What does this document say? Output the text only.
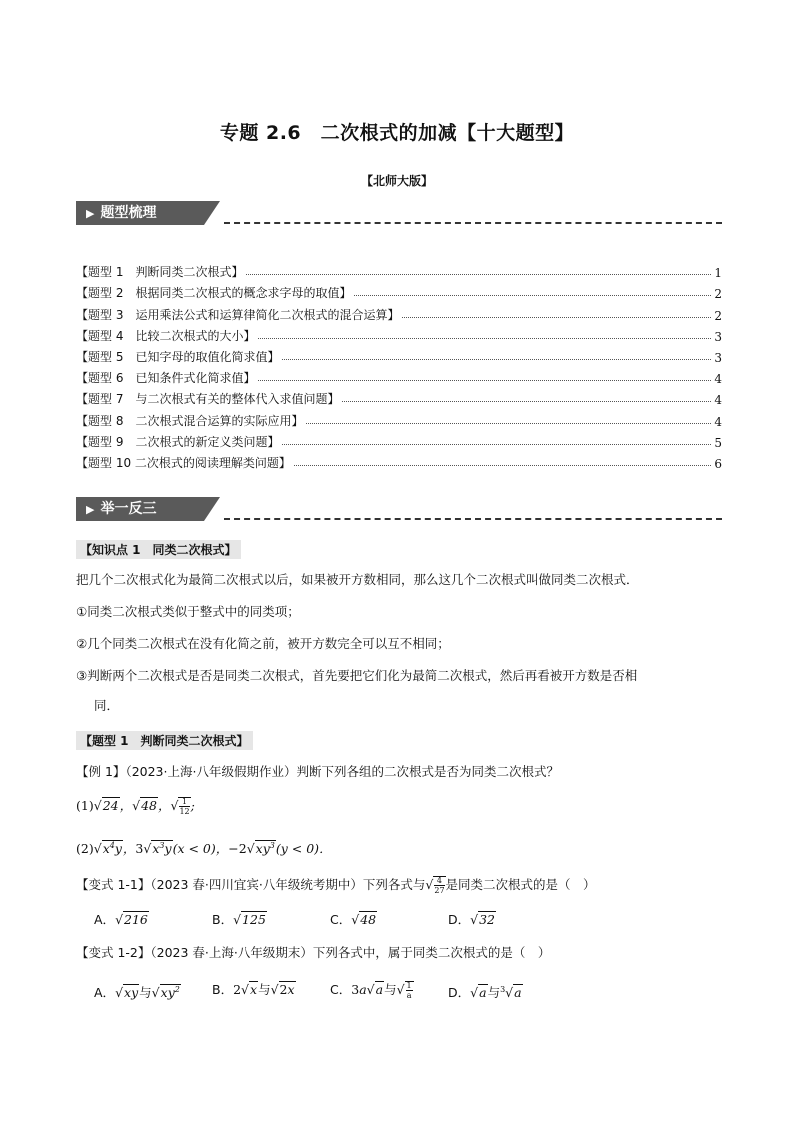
专题 2.6　二次根式的加减【十大题型】
【北师大版】
▶ 题型梳理
【题型 1　判断同类二次根式】	1
【题型 2　根据同类二次根式的概念求字母的取值】	2
【题型 3　运用乘法公式和运算律简化二次根式的混合运算】	2
【题型 4　比较二次根式的大小】	3
【题型 5　已知字母的取值化简求值】	3
【题型 6　已知条件式化简求值】	4
【题型 7　与二次根式有关的整体代入求值问题】	4
【题型 8　二次根式混合运算的实际应用】	4
【题型 9　二次根式的新定义类问题】	5
【题型 10 二次根式的阅读理解类问题】	6
▶ 举一反三
【知识点 1　同类二次根式】
把几个二次根式化为最简二次根式以后，如果被开方数相同，那么这几个二次根式叫做同类二次根式．
①同类二次根式类似于整式中的同类项；
②几个同类二次根式在没有化简之前，被开方数完全可以互不相同；
③判断两个二次根式是否是同类二次根式，首先要把它们化为最简二次根式，然后再看被开方数是否相
同．
【题型 1　判断同类二次根式】
【例 1】（2023·上海·八年级假期作业）判断下列各组的二次根式是否为同类二次根式？
(1)√24，√48，√ $\frac{1}{12}$ ;
$(2)√x^4y$，$3√x^3y(x < 0)$，$-2√xy^3(y < 0)$．
【变式 1-1】（2023 春·四川宜宾·八年级统考期中）下列各式与√ $\frac{4}{27}$ 是同类二次根式的是（　）
A．√216	B．√125	C．√48	D．√32
【变式 1-2】（2023 春·上海·八年级期末）下列各式中，属于同类二次根式的是（　）
A．√xy与$√xy^2$	B．2√x与√2x	C．3a√a与√ $\frac{1}{a}$	D．√a与$^3$√a
